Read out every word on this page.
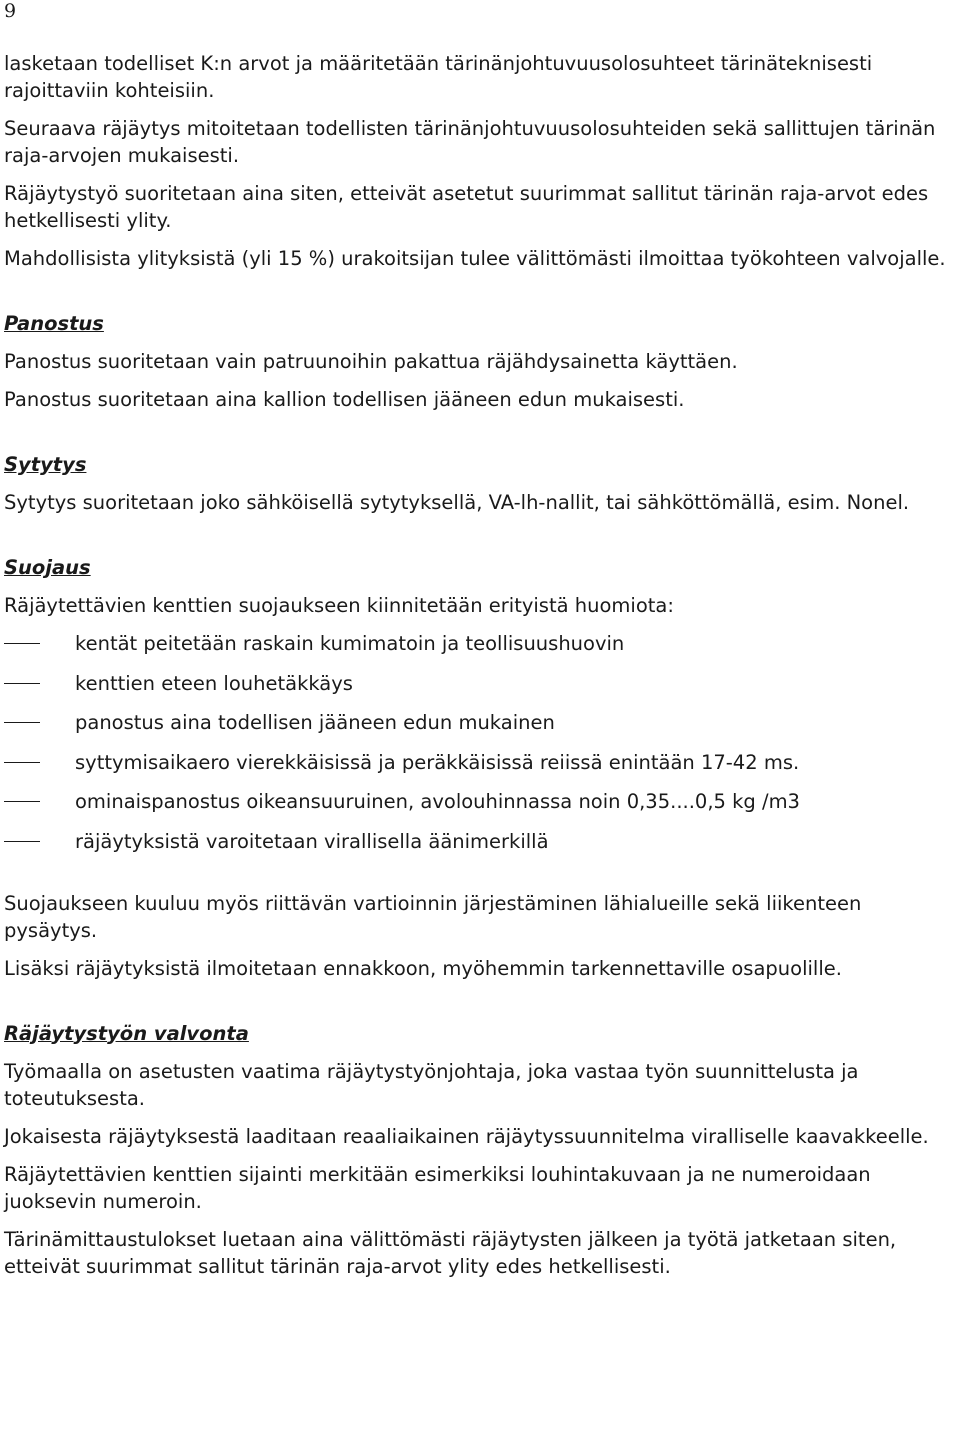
9

lasketaan todelliset K:n arvot ja määritetään tärinänjohtuvuusolosuhteet tärinäteknisesti rajoittaviin kohteisiin.

Seuraava räjäytys mitoitetaan todellisten tärinänjohtuvuusolosuhteiden sekä sallittujen tärinän raja-arvojen mukaisesti.

Räjäytystyö suoritetaan aina siten, etteivät asetetut suurimmat sallitut tärinän raja-arvot edes hetkellisesti ylity.

Mahdollisista ylityksistä (yli 15 %) urakoitsijan tulee välittömästi ilmoittaa työkohteen valvojalle.

Panostus

Panostus suoritetaan vain patruunoihin pakattua räjähdysainetta käyttäen.

Panostus suoritetaan aina kallion todellisen jääneen edun mukaisesti.

Sytytys

Sytytys suoritetaan joko sähköisellä sytytyksellä, VA-lh-nallit, tai sähköttömällä, esim. Nonel.

Suojaus

Räjäytettävien kenttien suojaukseen kiinnitetään erityistä huomiota:

kentät peitetään raskain kumimatoin ja teollisuushuovin
kenttien eteen louhetäkkäys
panostus aina todellisen jääneen edun mukainen
syttymisaikaero vierekkäisissä ja peräkkäisissä reiissä enintään 17-42 ms.
ominaispanostus oikeansuuruinen, avolouhinnassa noin 0,35....0,5 kg /m3
räjäytyksistä varoitetaan virallisella äänimerkillä

Suojaukseen kuuluu myös riittävän vartioinnin järjestäminen lähialueille sekä liikenteen pysäytys.

Lisäksi räjäytyksistä ilmoitetaan ennakkoon, myöhemmin tarkennettaville osapuolille.

Räjäytystyön valvonta

Työmaalla on asetusten vaatima räjäytystyönjohtaja, joka vastaa työn suunnittelusta ja toteutuksesta.

Jokaisesta räjäytyksestä laaditaan reaaliaikainen räjäytyssuunnitelma viralliselle kaavakkeelle.

Räjäytettävien kenttien sijainti merkitään esimerkiksi louhintakuvaan ja ne numeroidaan juoksevin numeroin.

Tärinämittaustulokset luetaan aina välittömästi räjäytysten jälkeen ja työtä jatketaan siten, etteivät suurimmat sallitut tärinän raja-arvot ylity edes hetkellisesti.
